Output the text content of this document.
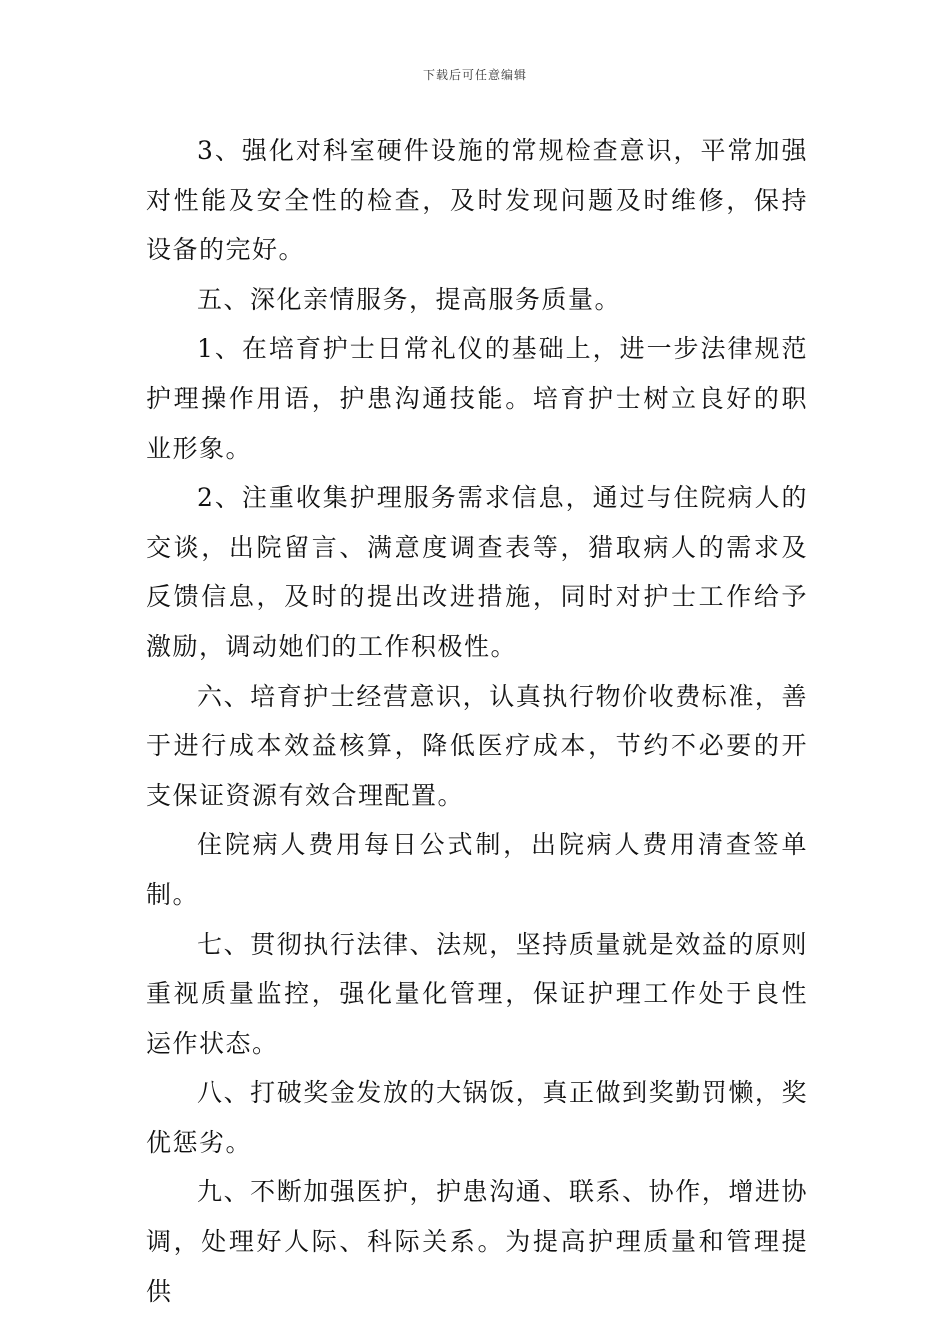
下载后可任意编辑

3、强化对科室硬件设施的常规检查意识，平常加强对性能及安全性的检查，及时发现问题及时维修，保持设备的完好。

五、深化亲情服务，提高服务质量。

1、在培育护士日常礼仪的基础上，进一步法律规范护理操作用语，护患沟通技能。培育护士树立良好的职业形象。

2、注重收集护理服务需求信息，通过与住院病人的交谈，出院留言、满意度调查表等，猎取病人的需求及反馈信息，及时的提出改进措施，同时对护士工作给予激励，调动她们的工作积极性。

六、培育护士经营意识，认真执行物价收费标准，善于进行成本效益核算，降低医疗成本，节约不必要的开支保证资源有效合理配置。

住院病人费用每日公式制，出院病人费用清查签单制。

七、贯彻执行法律、法规，坚持质量就是效益的原则重视质量监控，强化量化管理，保证护理工作处于良性运作状态。

八、打破奖金发放的大锅饭，真正做到奖勤罚懒，奖优惩劣。

九、不断加强医护，护患沟通、联系、协作，增进协调，处理好人际、科际关系。为提高护理质量和管理提供
